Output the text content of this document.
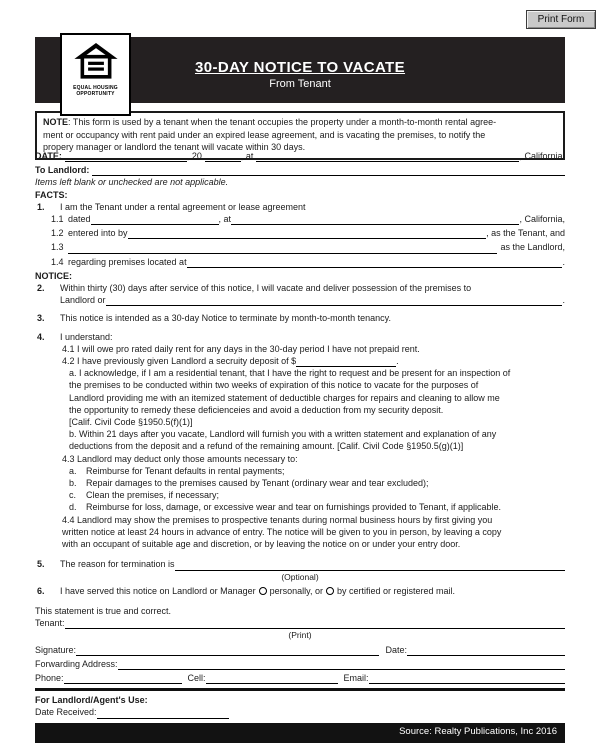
Print Form
EQUAL HOUSING
OPPORTUNITY
30-DAY NOTICE TO VACATE
From Tenant
NOTE: This form is used by a tenant when the tenant occupies the property under a month-to-month rental agree-
ment or occupancy with rent paid under an expired lease agreement, and is vacating the premises, to notify the
propery manager or landlord the tenant will vacate within 30 days.
DATE:	, 20	, at	, California.
To Landlord:
Items left blank or unchecked are not applicable.
FACTS:
1.	I am the Tenant under a rental agreement or lease agreement
1.1 dated	, at	, California,
1.2 entered into by	, as the Tenant, and
1.3	as the Landlord,
1.4 regarding premises located at	.
NOTICE:
2.	Within thirty (30) days after service of this notice, I will vacate and deliver possession of the premises to
Landlord or	.
3.	This notice is intended as a 30-day Notice to terminate by month-to-month tenancy.
4.	I understand:
4.1 I will owe pro rated daily rent for any days in the 30-day period I have not prepaid rent.
4.2 I have previously given Landlord a secruity deposit of $	.
a. I acknowledge, if I am a residential tenant, that I have the right to request and be present for an inspection of
the premises to be conducted within two weeks of expiration of this notice to vacate for the purposes of
Landlord providing me with an itemized statement of deductible charges for repairs and cleaning to allow me
the opportunity to remedy these deficienceies and avoid a deduction from my security deposit.
[Calif. Civil Code §1950.5(f)(1)]
b. Within 21 days after you vacate, Landlord will furnish you with a written statement and explanation of any
deductions from the deposit and a refund of the remaining amount. [Calif. Civil Code §1950.5(g)(1)]
4.3 Landlord may deduct only those amounts necessary to:
a.	Reimburse for Tenant defaults in rental payments;
b.	Repair damages to the premises caused by Tenant (ordinary wear and tear excluded);
c.	Clean the premises, if necessary;
d.	Reimburse for loss, damage, or excessive wear and tear on furnishings provided to Tenant, if applicable.
4.4 Landlord may show the premises to prospective tenants during normal business hours by first giving you
written notice at least 24 hours in advance of entry. The notice will be given to you in person, by leaving a copy
with an occupant of suitable age and discretion, or by leaving the notice on or under your entry door.
5.	The reason for termination is
(Optional)
6.	I have served this notice on Landlord or Manager personally, or by certified or registered mail.
This statement is true and correct.
Tenant:
(Print)
Signature:	Date:
Forwarding Address:
Phone:	Cell:	Email:
For Landlord/Agent's Use:
Date Received:
Source: Realty Publications, Inc 2016
